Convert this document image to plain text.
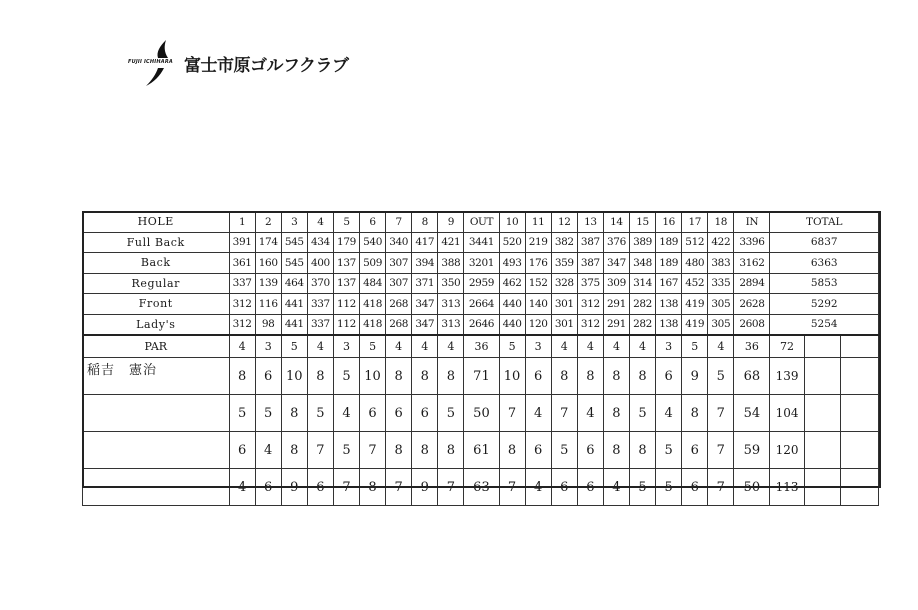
FUJII ICHIHARA 富士市原ゴルフクラブ
HOLE	1	2	3	4	5	6	7	8	9	OUT	10	11	12	13	14	15	16	17	18	IN	TOTAL		
Full Back	391	174	545	434	179	540	340	417	421	3441	520	219	382	387	376	389	189	512	422	3396	6837		
Back	361	160	545	400	137	509	307	394	388	3201	493	176	359	387	347	348	189	480	383	3162	6363		
Regular	337	139	464	370	137	484	307	371	350	2959	462	152	328	375	309	314	167	452	335	2894	5853		
Front	312	116	441	337	112	418	268	347	313	2664	440	140	301	312	291	282	138	419	305	2628	5292		
Lady's	312	98	441	337	112	418	268	347	313	2646	440	120	301	312	291	282	138	419	305	2608	5254		
PAR	4	3	5	4	3	5	4	4	4	36	5	3	4	4	4	4	3	5	4	36	72		
稲吉　憲治	8	6	10	8	5	10	8	8	8	71	10	6	8	8	8	8	6	9	5	68	139		
	5	5	8	5	4	6	6	6	5	50	7	4	7	4	8	5	4	8	7	54	104		
	6	4	8	7	5	7	8	8	8	61	8	6	5	6	8	8	5	6	7	59	120		
	4	6	9	6	7	8	7	9	7	63	7	4	6	6	4	5	5	6	7	50	113		
